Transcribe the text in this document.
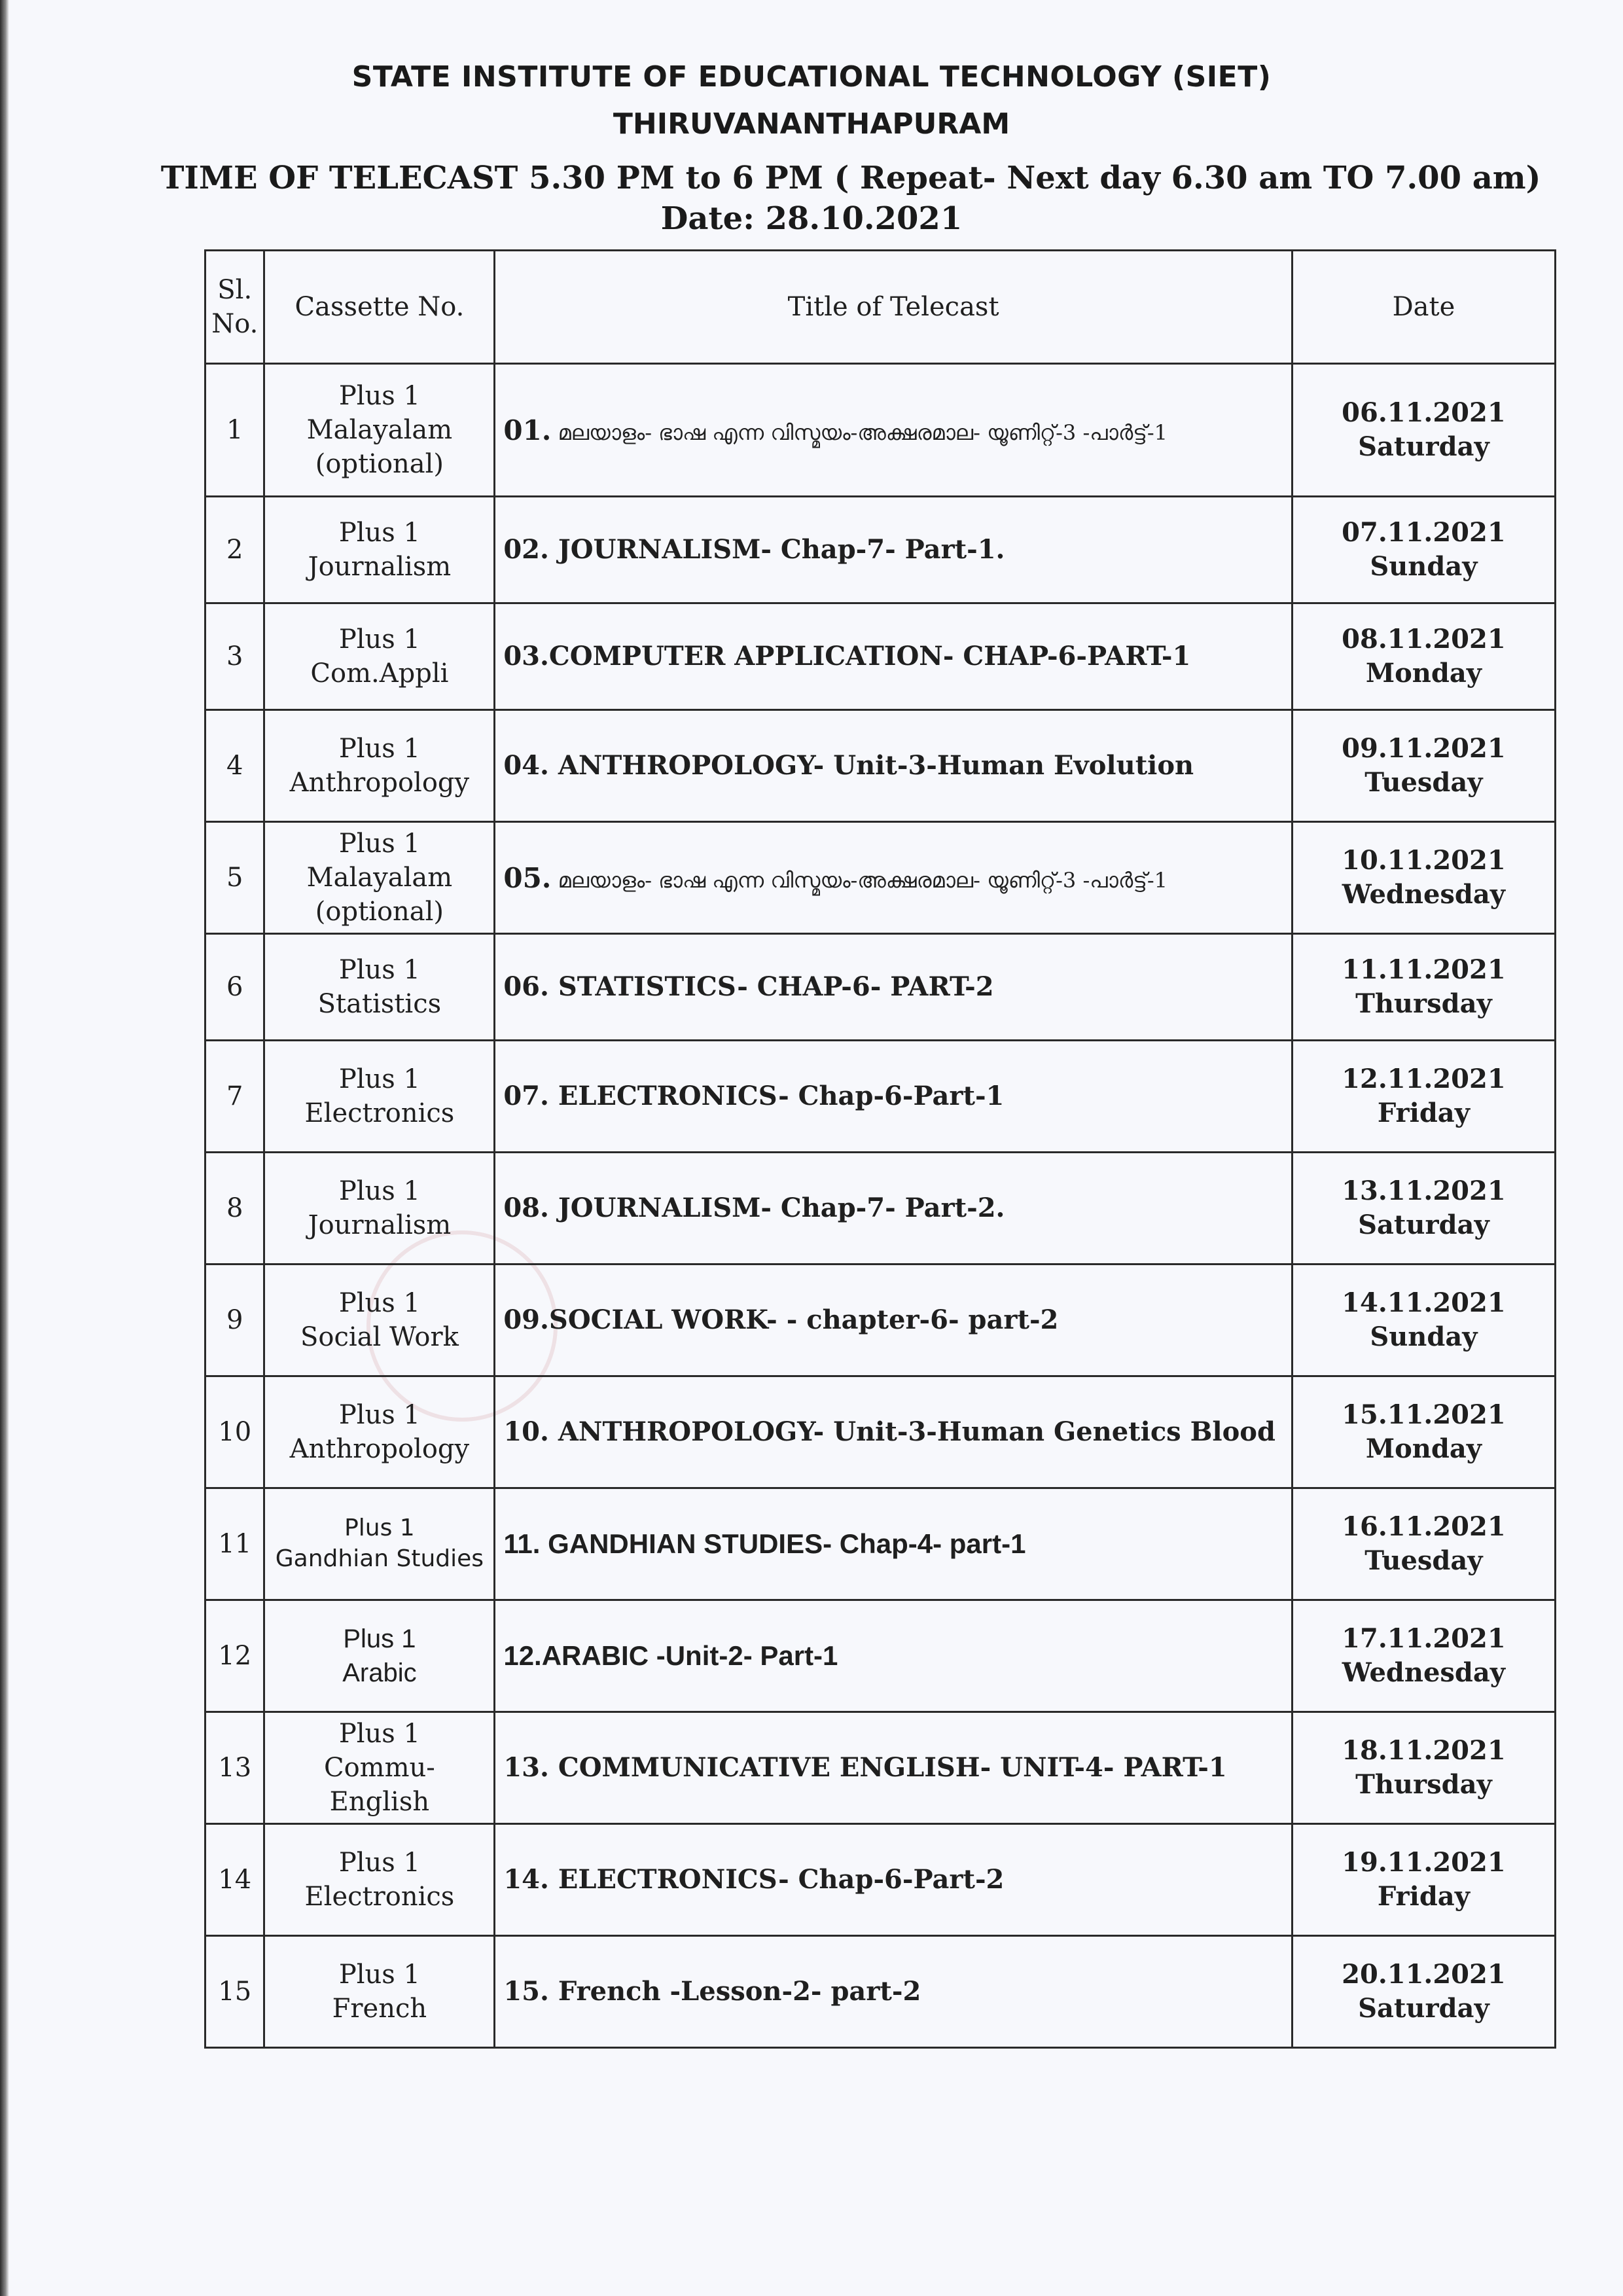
STATE INSTITUTE OF EDUCATIONAL TECHNOLOGY (SIET)
THIRUVANANTHAPURAM
TIME OF TELECAST 5.30 PM to 6 PM ( Repeat- Next day 6.30 am TO 7.00 am)
Date: 28.10.2021
Sl.
No.	Cassette No.	Title of Telecast	Date
1	Plus 1
Malayalam
(optional)	01. മലയാളം- ഭാഷ എന്ന വിസ്മയം-അക്ഷരമാല- യൂണിറ്റ്-3 -പാർട്ട്-1	06.11.2021
Saturday

2	Plus 1
Journalism	02. JOURNALISM- Chap-7- Part-1.	07.11.2021
Sunday

3	Plus 1
Com.Appli	03.COMPUTER APPLICATION- CHAP-6-PART-1	08.11.2021
Monday

4	Plus 1
Anthropology	04. ANTHROPOLOGY- Unit-3-Human Evolution	09.11.2021
Tuesday

5	Plus 1
Malayalam
(optional)	05. മലയാളം- ഭാഷ എന്ന വിസ്മയം-അക്ഷരമാല- യൂണിറ്റ്-3 -പാർട്ട്-1	10.11.2021
Wednesday

6	Plus 1
Statistics	06. STATISTICS- CHAP-6- PART-2	11.11.2021
Thursday

7	Plus 1
Electronics	07. ELECTRONICS- Chap-6-Part-1	12.11.2021
Friday

8	Plus 1
Journalism	08. JOURNALISM- Chap-7- Part-2.	13.11.2021
Saturday

9	Plus 1
Social Work	09.SOCIAL WORK- - chapter-6- part-2	14.11.2021
Sunday

10	Plus 1
Anthropology	10. ANTHROPOLOGY- Unit-3-Human Genetics Blood	15.11.2021
Monday

11	Plus 1
Gandhian Studies	11. GANDHIAN STUDIES- Chap-4- part-1	16.11.2021
Tuesday

12	Plus 1
Arabic	12.ARABIC -Unit-2- Part-1	17.11.2021
Wednesday

13	Plus 1
Commu- English	13. COMMUNICATIVE ENGLISH- UNIT-4- PART-1	18.11.2021
Thursday

14	Plus 1
Electronics	14. ELECTRONICS- Chap-6-Part-2	19.11.2021
Friday

15	Plus 1
French	15. French -Lesson-2- part-2	20.11.2021
Saturday
